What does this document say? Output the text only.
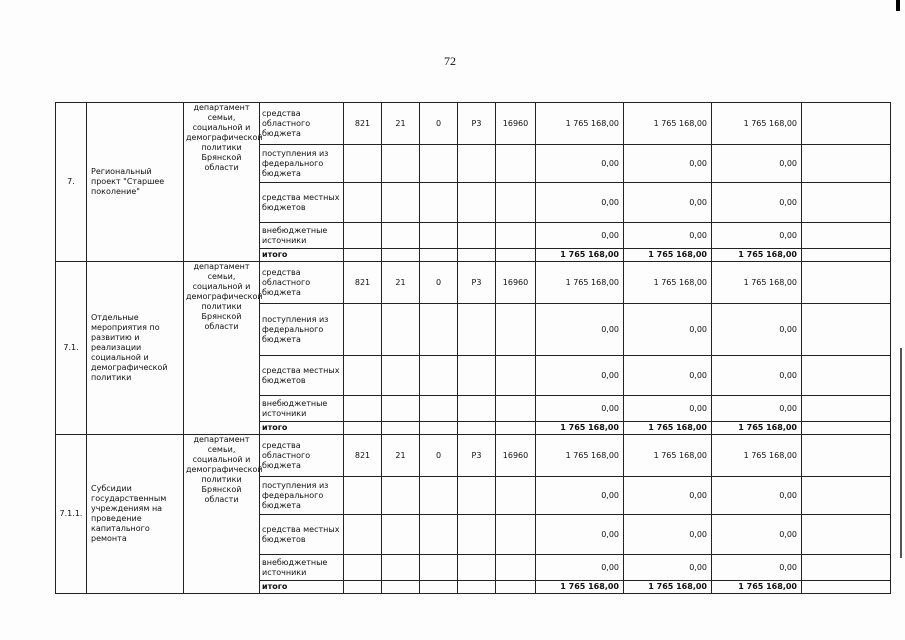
72
7.	Региональный проект "Старшее поколение"	департамент семьи, социальной и демографической политики Брянской области	средства областного бюджета	821	21	0	P3	16960	1 765 168,00	1 765 168,00	1 765 168,00	
			поступления из федерального бюджета						0,00	0,00	0,00	
			средства местных бюджетов						0,00	0,00	0,00	
			внебюджетные источники						0,00	0,00	0,00	
			итого						1 765 168,00	1 765 168,00	1 765 168,00	
7.1.	Отдельные мероприятия по развитию и реализации социальной и демографической политики	департамент семьи, социальной и демографической политики Брянской области	средства областного бюджета	821	21	0	P3	16960	1 765 168,00	1 765 168,00	1 765 168,00	
			поступления из федерального бюджета						0,00	0,00	0,00	
			средства местных бюджетов						0,00	0,00	0,00	
			внебюджетные источники						0,00	0,00	0,00	
			итого						1 765 168,00	1 765 168,00	1 765 168,00	
7.1.1.	Субсидии государственным учреждениям на проведение капитального ремонта	департамент семьи, социальной и демографической политики Брянской области	средства областного бюджета	821	21	0	P3	16960	1 765 168,00	1 765 168,00	1 765 168,00	
			поступления из федерального бюджета						0,00	0,00	0,00	
			средства местных бюджетов						0,00	0,00	0,00	
			внебюджетные источники						0,00	0,00	0,00	
			итого						1 765 168,00	1 765 168,00	1 765 168,00	
